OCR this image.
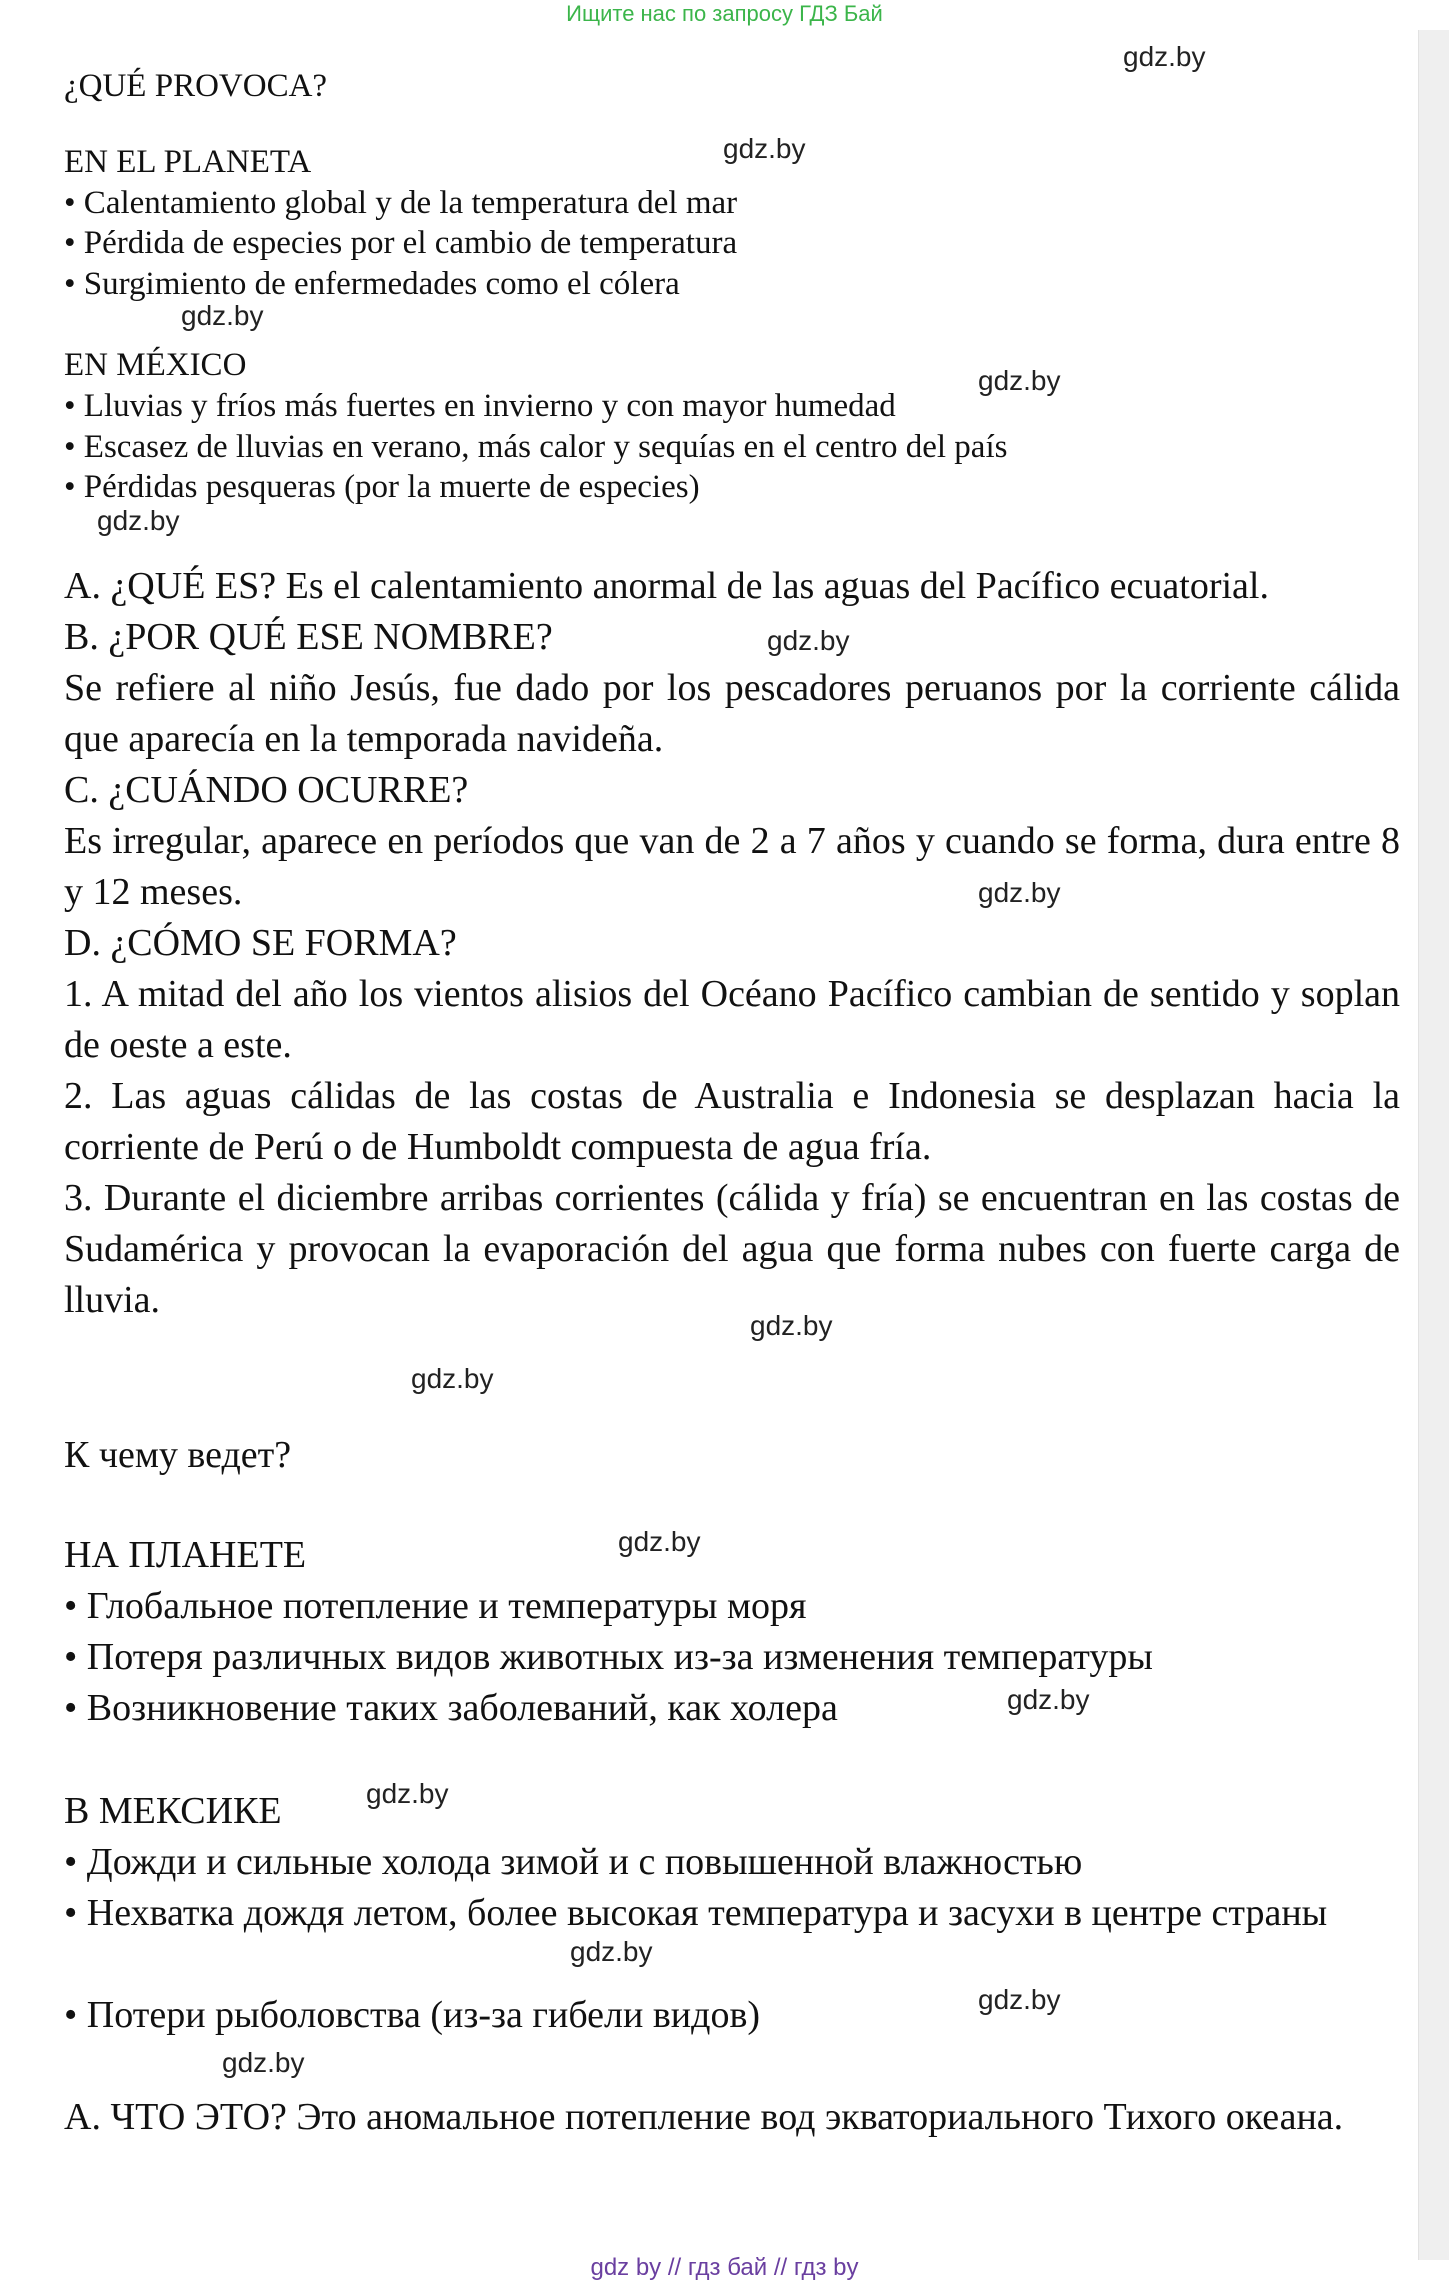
Ищите нас по запросу ГДЗ Бай

¿QUÉ PROVOCA?

EN EL PLANETA

• Calentamiento global y de la temperatura del mar

• Pérdida de especies por el cambio de temperatura

• Surgimiento de enfermedades como el cólera

EN MÉXICO

• Lluvias y fríos más fuertes en invierno y con mayor humedad

• Escasez de lluvias en verano, más calor y sequías en el centro del país

• Pérdidas pesqueras (por la muerte de especies)

A. ¿QUÉ ES? Es el calentamiento anormal de las aguas del Pacífico ecuatorial.

B. ¿POR QUÉ ESE NOMBRE?

Se refiere al niño Jesús, fue dado por los pescadores peruanos por la corriente cálida que aparecía en la temporada navideña.

C. ¿CUÁNDO OCURRE?

Es irregular, aparece en períodos que van de 2 a 7 años y cuando se forma, dura entre 8 y 12 meses.

D. ¿CÓMO SE FORMA?

1. A mitad del año los vientos alisios del Océano Pacífico cambian de sentido y soplan de oeste a este.

2. Las aguas cálidas de las costas de Australia e Indonesia se desplazan hacia la corriente de Perú o de Humboldt compuesta de agua fría.

3. Durante el diciembre arribas corrientes (cálida y fría) se encuentran en las costas de Sudamérica y provocan la evaporación del agua que forma nubes con fuerte carga de lluvia.

К чему ведет?

НА ПЛАНЕТЕ

• Глобальное потепление и температуры моря

• Потеря различных видов животных из-за изменения температуры

• Возникновение таких заболеваний, как холера

В МЕКСИКЕ

• Дожди и сильные холода зимой и с повышенной влажностью

• Нехватка дождя летом, более высокая температура и засухи в центре страны

• Потери рыболовства (из-за гибели видов)

А. ЧТО ЭТО? Это аномальное потепление вод экваториального Тихого океана.

gdz.by
gdz.by
gdz.by
gdz.by
gdz.by
gdz.by
gdz.by
gdz.by
gdz.by
gdz.by
gdz.by
gdz.by
gdz.by
gdz.by
gdz.by
gdz by // гдз бай // гдз by
